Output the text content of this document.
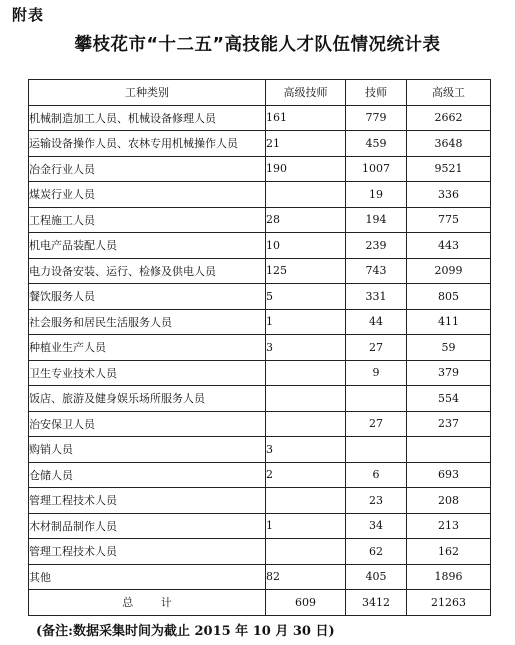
附表
攀枝花市“十二五”高技能人才队伍情况统计表
工种类别	高级技师	技师	高级工
机械制造加工人员、机械设备修理人员	161	779	2662
运输设备操作人员、农林专用机械操作人员	21	459	3648
冶金行业人员	190	1007	9521
煤炭行业人员		19	336
工程施工人员	28	194	775
机电产品装配人员	10	239	443
电力设备安装、运行、检修及供电人员	125	743	2099
餐饮服务人员	5	331	805
社会服务和居民生活服务人员	1	44	411
种植业生产人员	3	27	59
卫生专业技术人员		9	379
饭店、旅游及健身娱乐场所服务人员			554
治安保卫人员		27	237
购销人员	3		
仓储人员	2	6	693
管理工程技术人员		23	208
木材制品制作人员	1	34	213
管理工程技术人员		62	162
其他	82	405	1896
总 计	609	3412	21263
(备注:数据采集时间为截止 2015 年 10 月 30 日)
